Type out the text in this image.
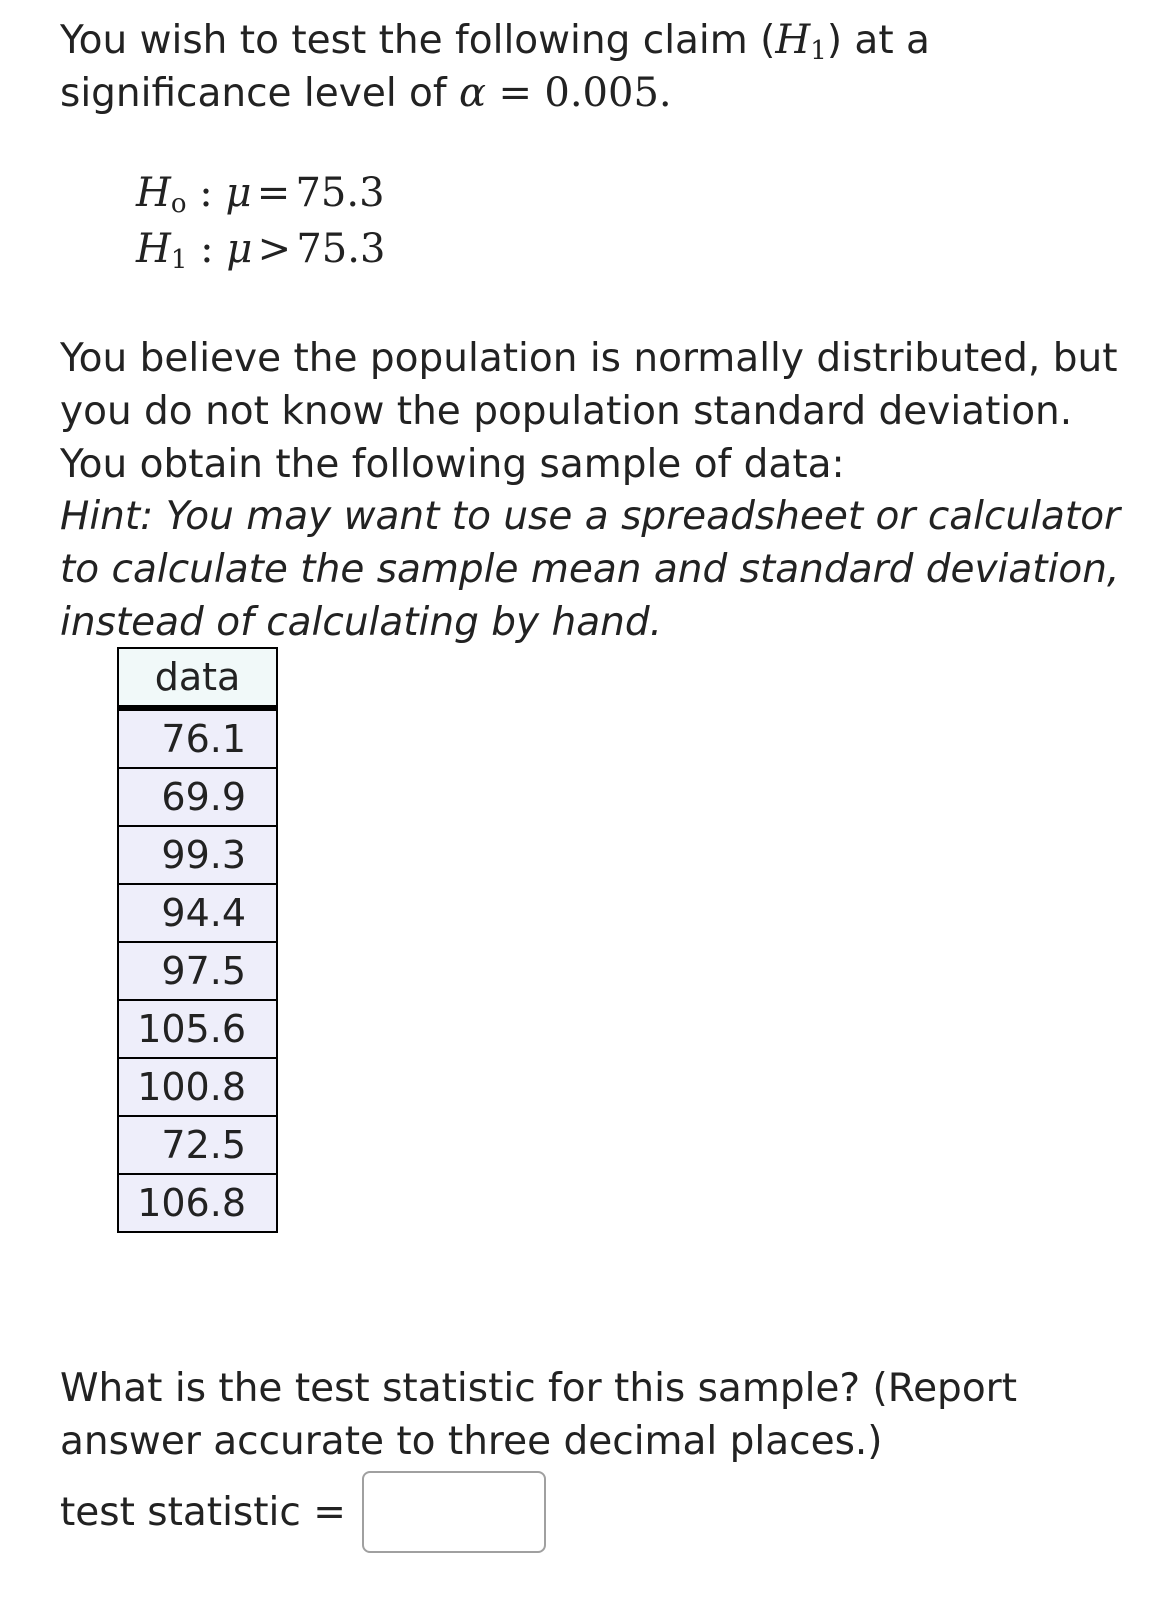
You wish to test the following claim $(H_1)$ at a significance level of α = 0.005.

$H_o$ : μ = 75.3
$H_1$ : μ > 75.3

You believe the population is normally distributed, but you do not know the population standard deviation. You obtain the following sample of data:

Hint: You may want to use a spreadsheet or calculator to calculate the sample mean and standard deviation, instead of calculating by hand.

data
76.1
69.9
99.3
94.4
97.5
105.6
100.8
72.5
106.8

What is the test statistic for this sample? (Report answer accurate to three decimal places.)

test statistic =
